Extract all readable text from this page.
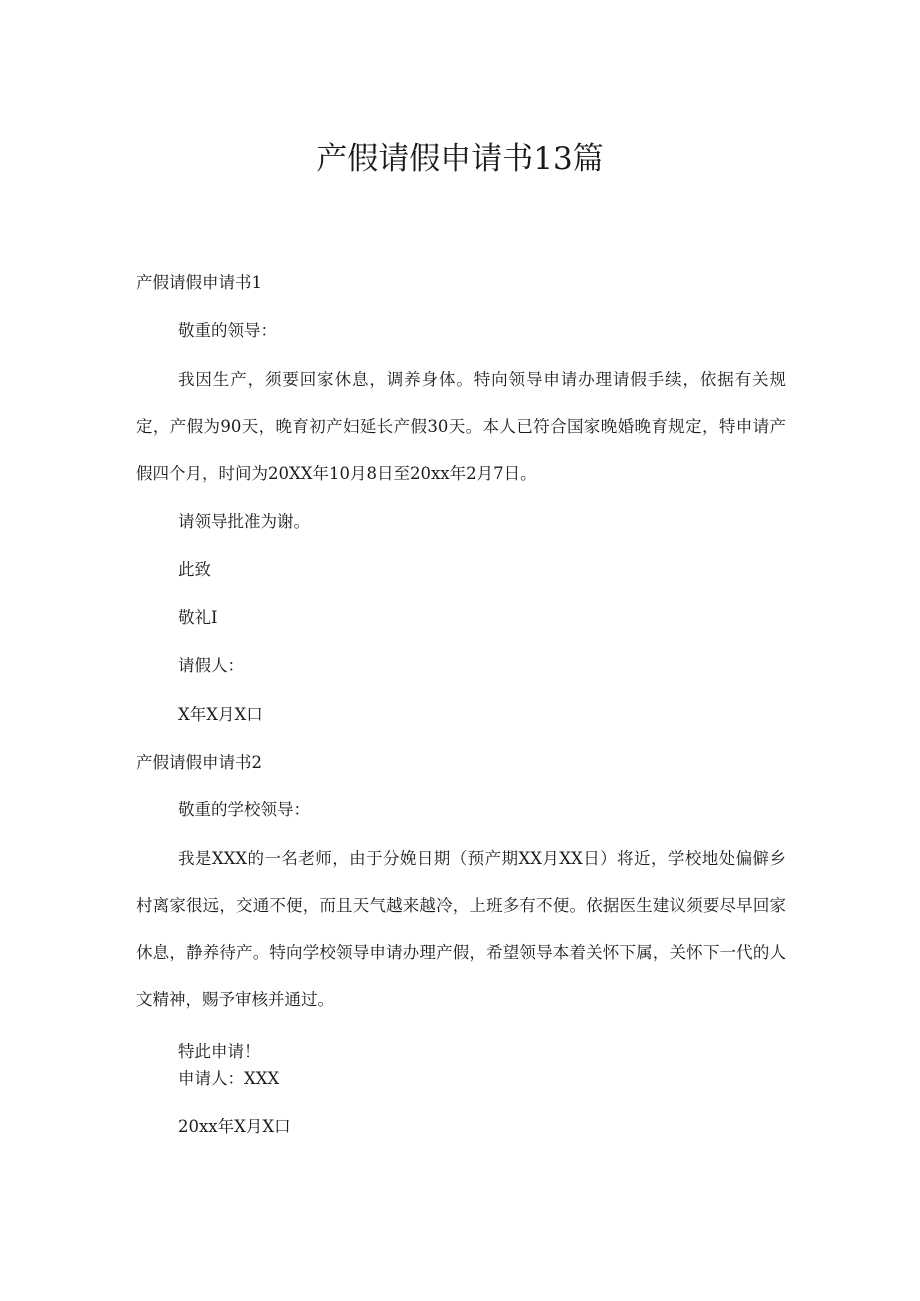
产假请假申请书13篇
产假请假申请书1
敬重的领导：
我因生产，须要回家休息，调养身体。特向领导申请办理请假手续，依据有关规定，产假为90天，晚育初产妇延长产假30天。本人已符合国家晚婚晚育规定，特申请产假四个月，时间为20XX年10月8日至20xx年2月7日。
请领导批准为谢。
此致
敬礼I
请假人：
X年X月X口
产假请假申请书2
敬重的学校领导：
我是XXX的一名老师，由于分娩日期（预产期XX月XX日）将近，学校地处偏僻乡村离家很远，交通不便，而且天气越来越冷，上班多有不便。依据医生建议须要尽早回家休息，静养待产。特向学校领导申请办理产假，希望领导本着关怀下属，关怀下一代的人文精神，赐予审核并通过。
特此申请！
申请人：XXX
20xx年X月X口
